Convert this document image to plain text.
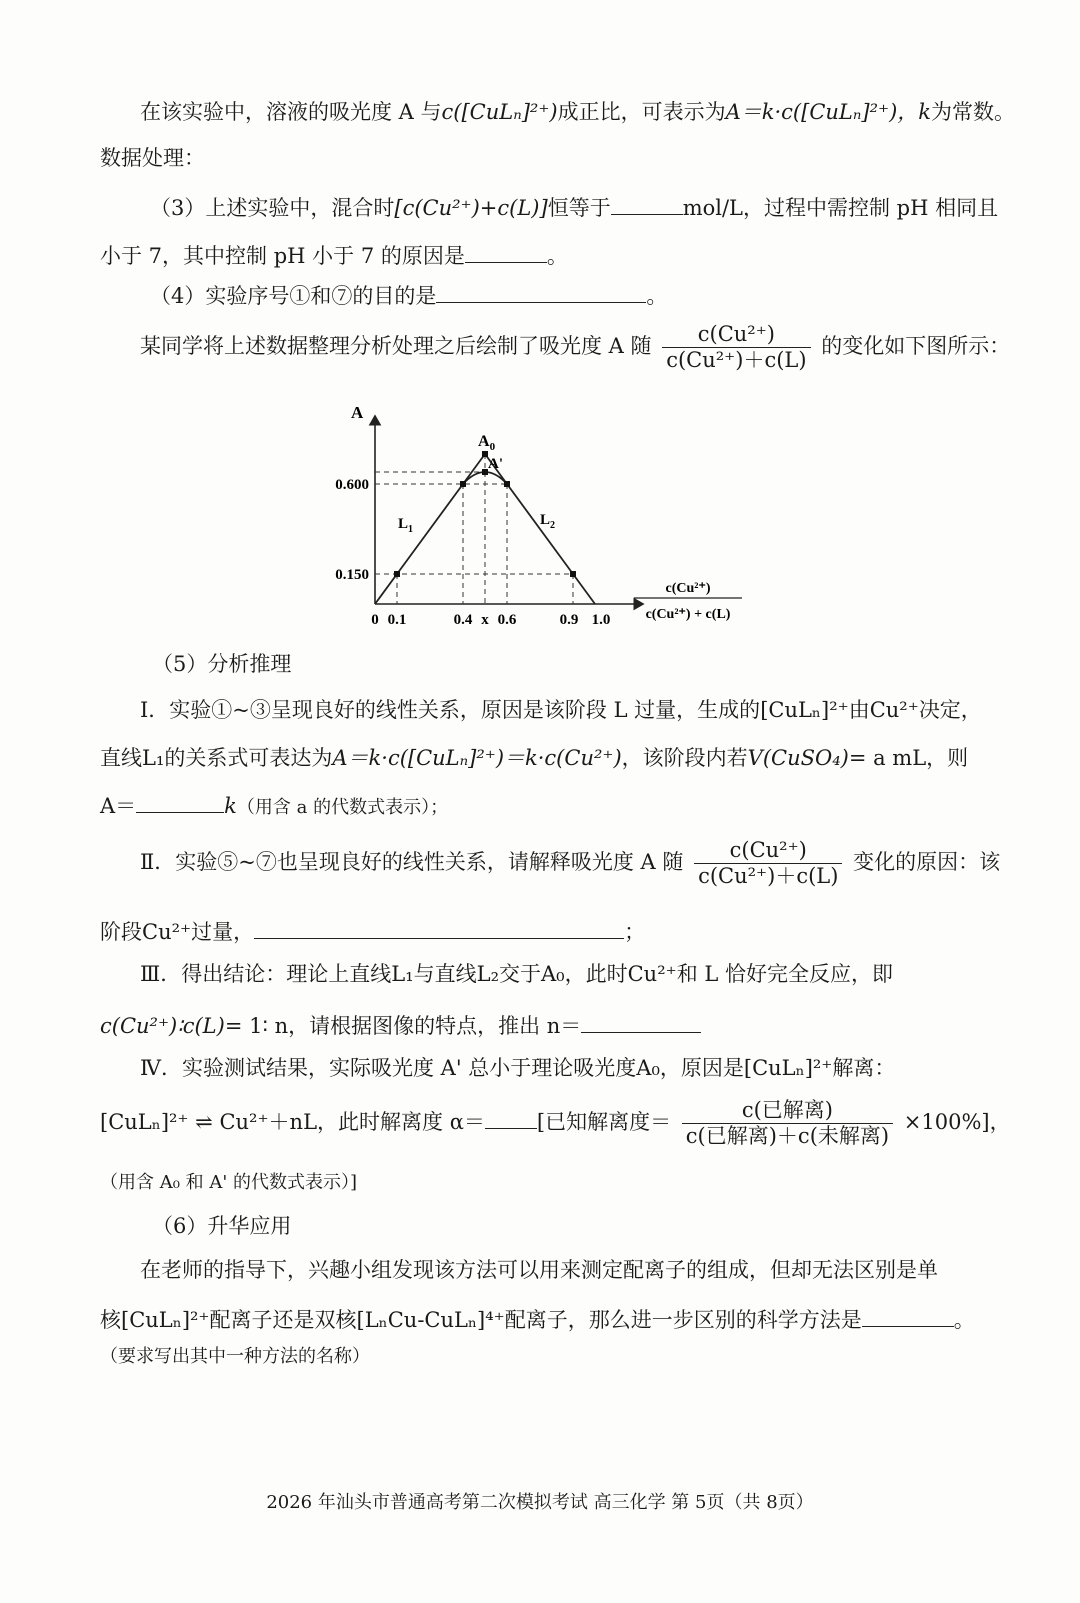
在该实验中，溶液的吸光度 A 与c([CuLₙ]²⁺)成正比，可表示为A＝k·c([CuLₙ]²⁺)，k为常数。
数据处理：
（3）上述实验中，混合时[c(Cu²⁺)+c(L)]恒等于	mol/L，过程中需控制 pH 相同且
小于 7，其中控制 pH 小于 7 的原因是	。
（4）实验序号①和⑦的目的是	。
某同学将上述数据整理分析处理之后绘制了吸光度 A 随 $\frac{\text{c(Cu²⁺)}}{\text{c(Cu²⁺)＋c(L)}}$ 的变化如下图所示：
A
0 0.1	0.4 x 0.6	0.9 1.0
0.600
0.150
$A_0$
A'
$L_1$
$L_2$
c(Cu²⁺)
c(Cu²⁺) + c(L)
（5）分析推理
Ⅰ．实验①~③呈现良好的线性关系，原因是该阶段 L 过量，生成的[CuLₙ]²⁺由Cu²⁺决定，
直线L₁的关系式可表达为A＝k·c([CuLₙ]²⁺)＝k·c(Cu²⁺)，该阶段内若V(CuSO₄)= a mL，则
A＝	k（用含 a 的代数式表示）；
Ⅱ．实验⑤~⑦也呈现良好的线性关系，请解释吸光度 A 随 $\frac{\text{c(Cu²⁺)}}{\text{c(Cu²⁺)＋c(L)}}$ 变化的原因：该
阶段Cu²⁺过量，	；
Ⅲ．得出结论：理论上直线L₁与直线L₂交于A₀，此时Cu²⁺和 L 恰好完全反应，即
c(Cu²⁺)∶c(L)= 1∶ n，请根据图像的特点，推出 n＝
Ⅳ．实验测试结果，实际吸光度 A' 总小于理论吸光度A₀，原因是[CuLₙ]²⁺解离：
[CuLₙ]²⁺ ⇌ Cu²⁺＋nL，此时解离度 α＝ [已知解离度＝ $\frac{\text{c(已解离)}}{\text{c(已解离)＋c(未解离)}} \times 100\%$]，
（用含 A₀ 和 A' 的代数式表示）]
（6）升华应用
在老师的指导下，兴趣小组发现该方法可以用来测定配离子的组成，但却无法区别是单
核[CuLₙ]²⁺配离子还是双核[LₙCu-CuLₙ]⁴⁺配离子，那么进一步区别的科学方法是	。
（要求写出其中一种方法的名称）
2026 年汕头市普通高考第二次模拟考试 高三化学 第 5页（共 8页）
